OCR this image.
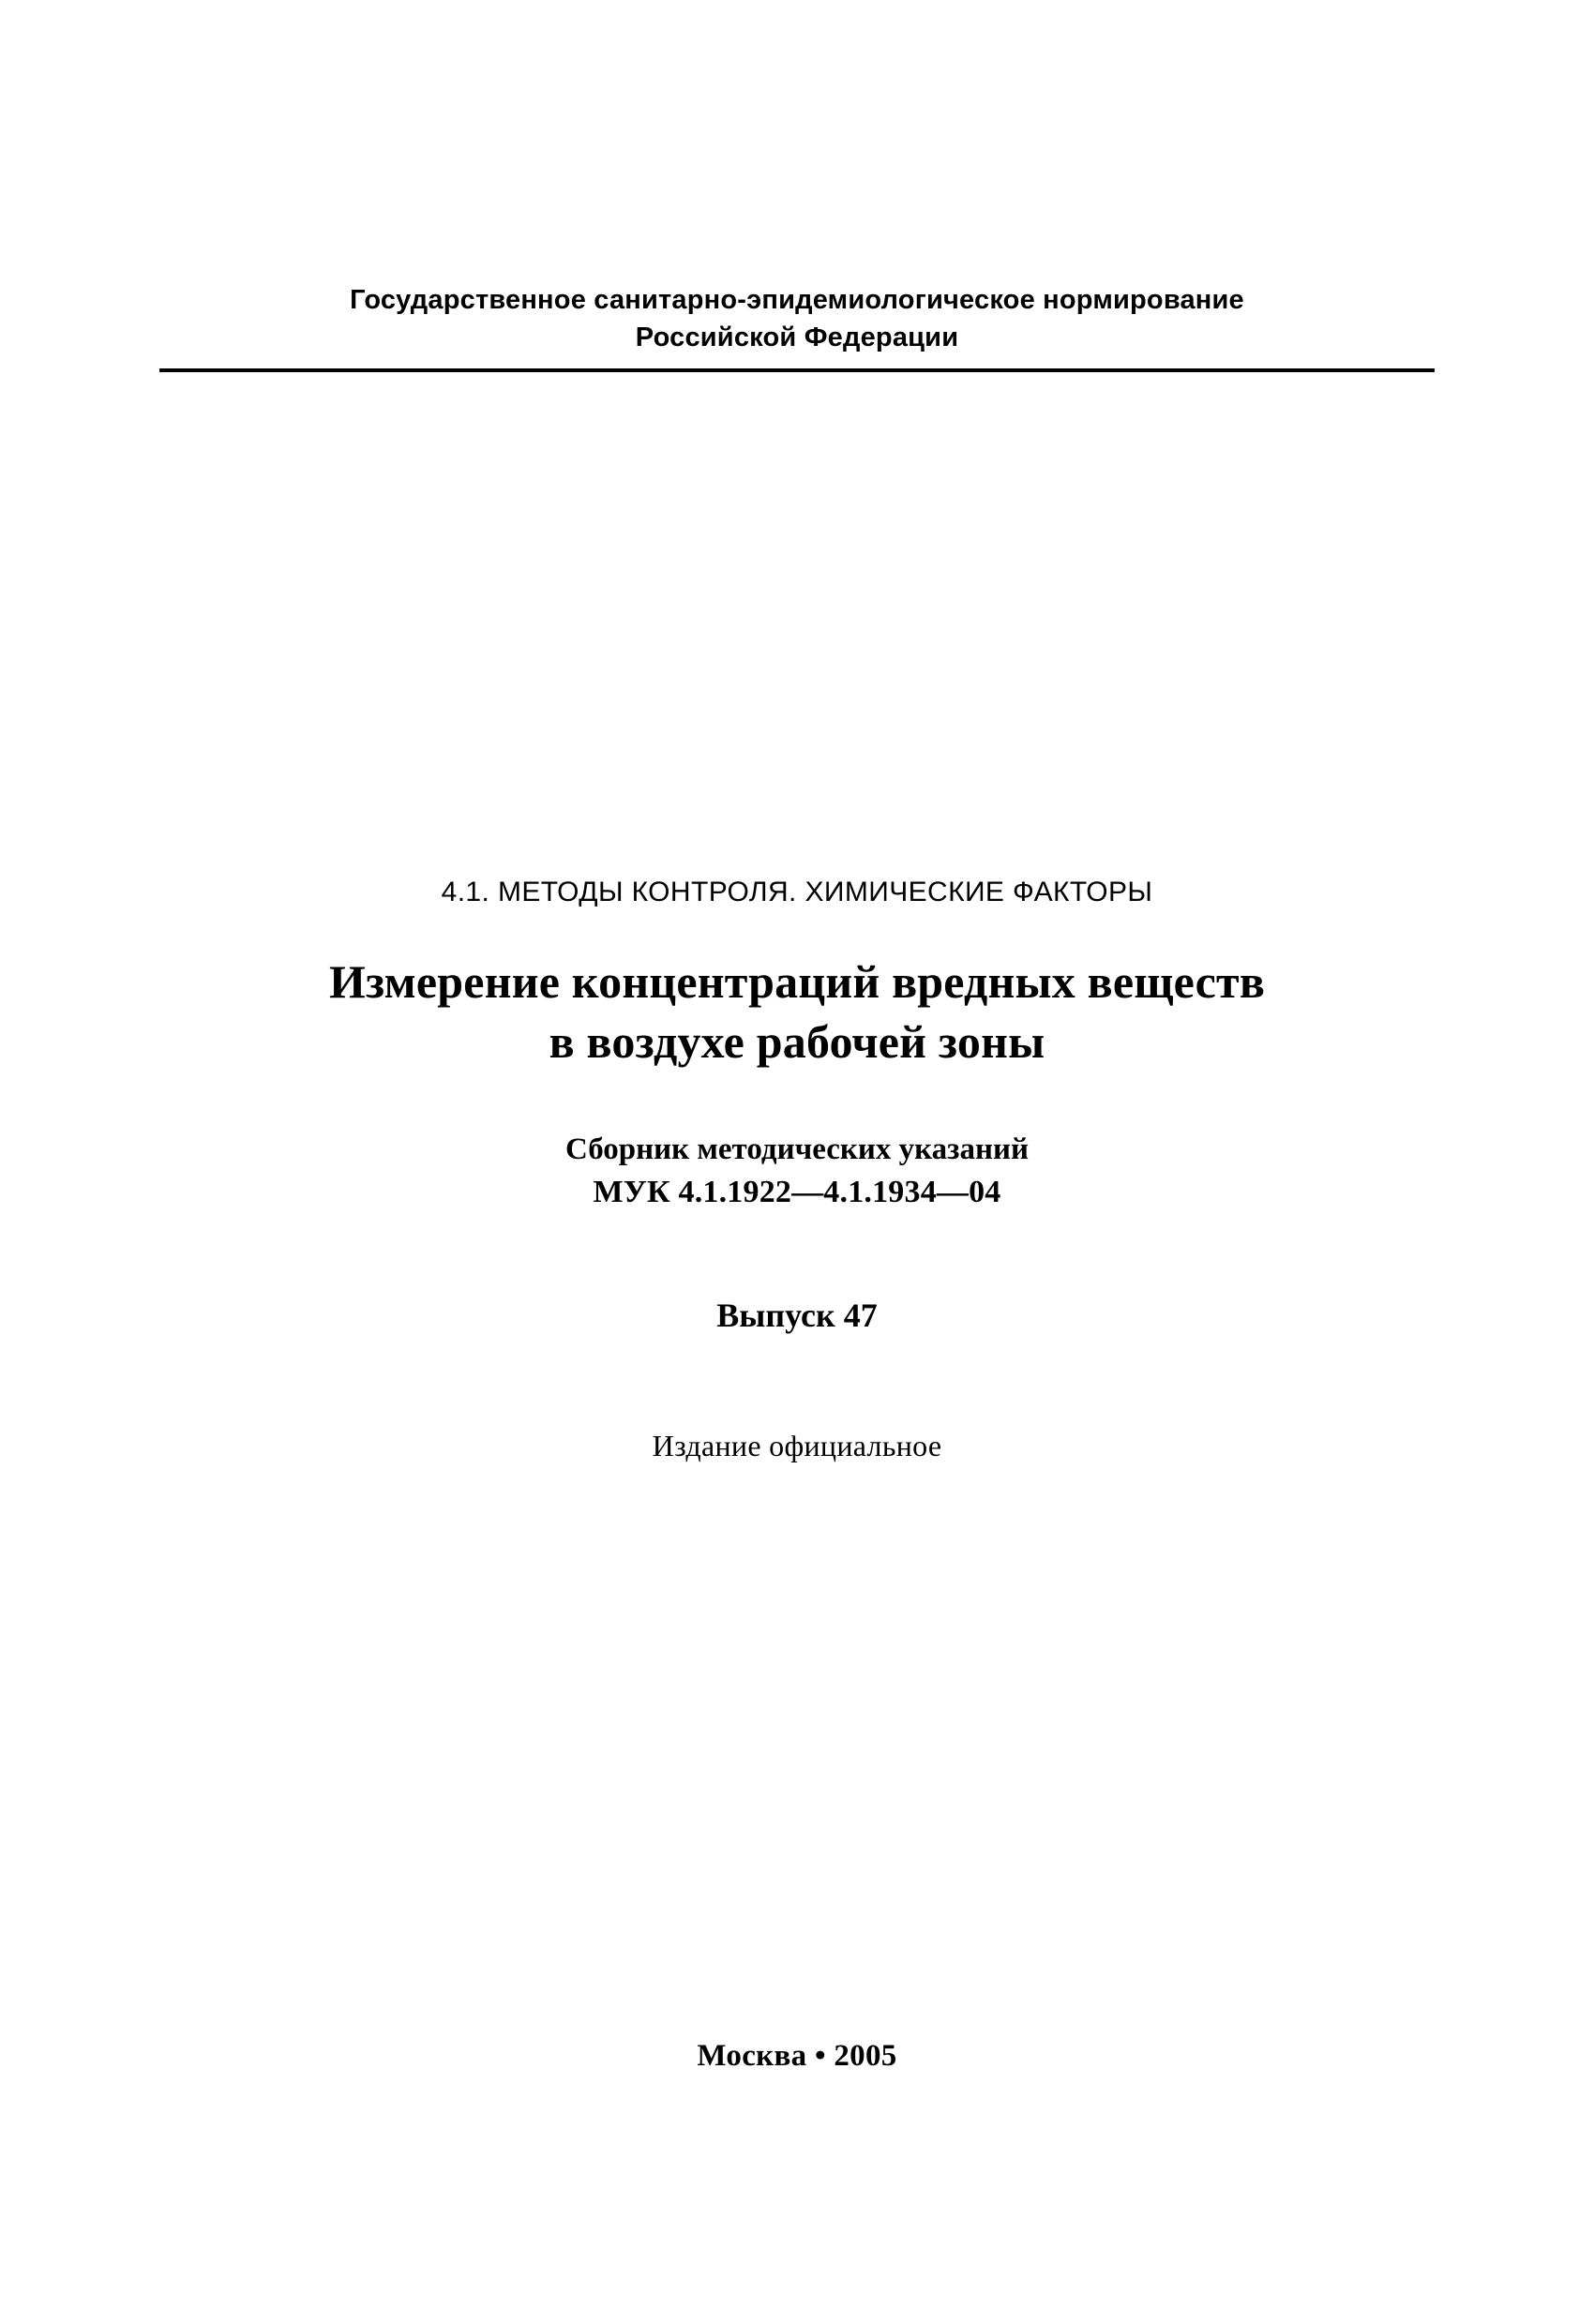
Государственное санитарно-эпидемиологическое нормирование
Российской Федерации
4.1. МЕТОДЫ КОНТРОЛЯ. ХИМИЧЕСКИЕ ФАКТОРЫ
Измерение концентраций вредных веществ
в воздухе рабочей зоны
Сборник методических указаний
МУК 4.1.1922—4.1.1934—04
Выпуск 47
Издание официальное
Москва • 2005
